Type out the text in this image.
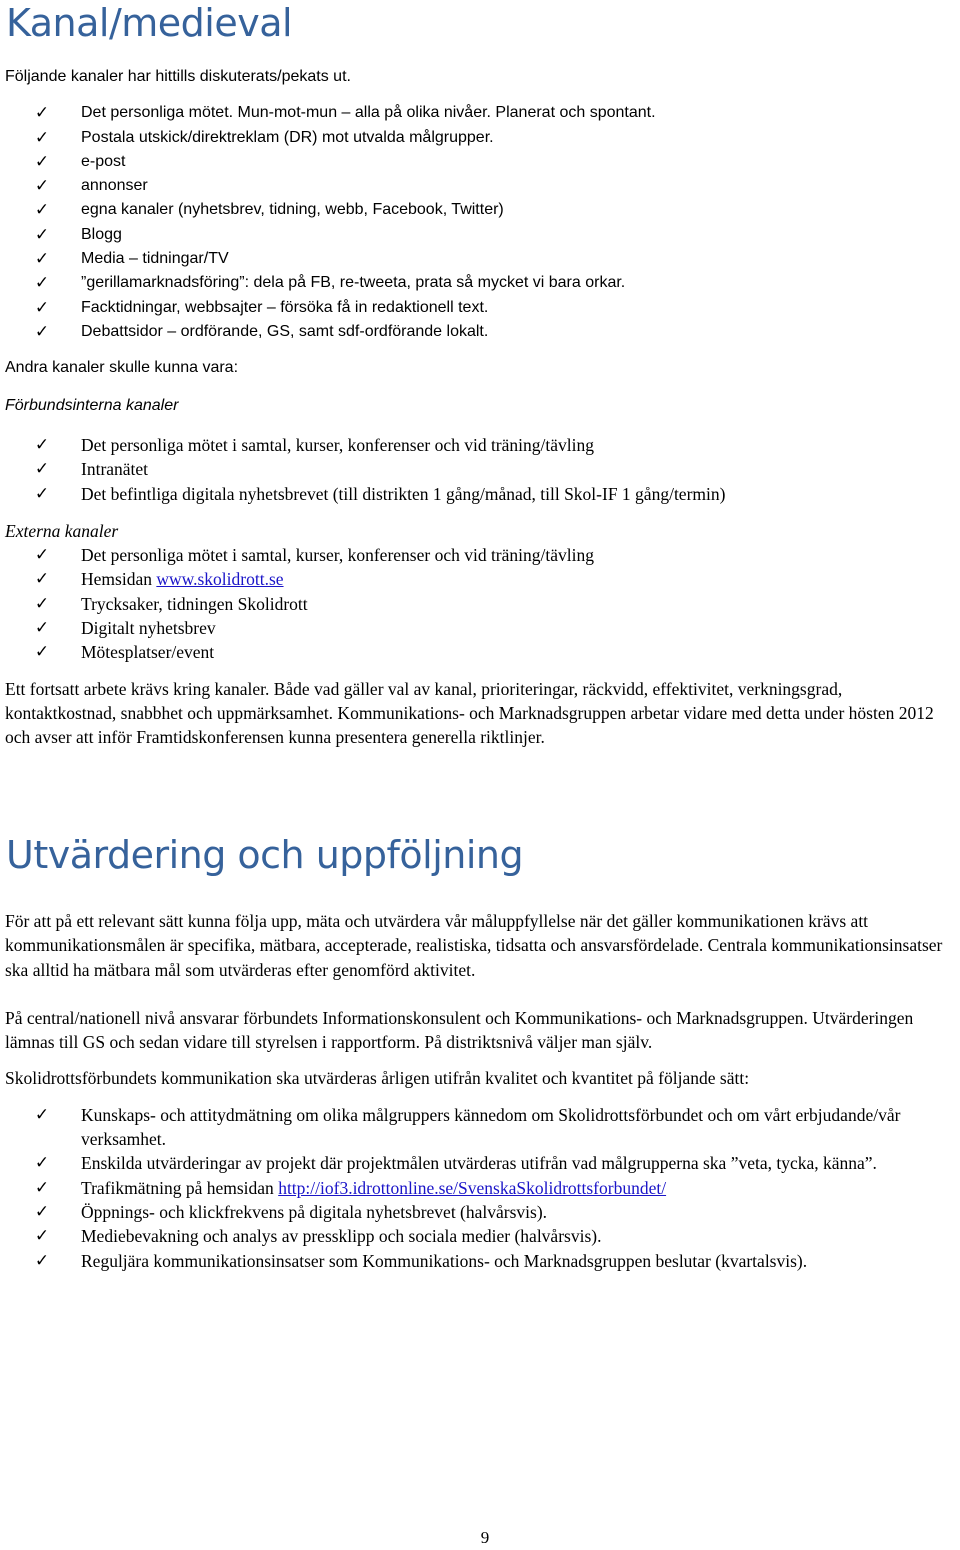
Kanal/medieval

Följande kanaler har hittills diskuterats/pekats ut.

✓ Det personliga mötet. Mun-mot-mun – alla på olika nivåer. Planerat och spontant.
✓ Postala utskick/direktreklam (DR) mot utvalda målgrupper.
✓ e-post
✓ annonser
✓ egna kanaler (nyhetsbrev, tidning, webb, Facebook, Twitter)
✓ Blogg
✓ Media – tidningar/TV
✓ ”gerillamarknadsföring”: dela på FB, re-tweeta, prata så mycket vi bara orkar.
✓ Facktidningar, webbsajter – försöka få in redaktionell text.
✓ Debattsidor – ordförande, GS, samt sdf-ordförande lokalt.

Andra kanaler skulle kunna vara:

Förbundsinterna kanaler

✓ Det personliga mötet i samtal, kurser, konferenser och vid träning/tävling
✓ Intranätet
✓ Det befintliga digitala nyhetsbrevet (till distrikten 1 gång/månad, till Skol-IF 1 gång/termin)

Externa kanaler

✓ Det personliga mötet i samtal, kurser, konferenser och vid träning/tävling
✓ Hemsidan www.skolidrott.se
✓ Trycksaker, tidningen Skolidrott
✓ Digitalt nyhetsbrev
✓ Mötesplatser/event

Ett fortsatt arbete krävs kring kanaler. Både vad gäller val av kanal, prioriteringar, räckvidd, effektivitet, verkningsgrad, kontaktkostnad, snabbhet och uppmärksamhet. Kommunikations- och Marknadsgruppen arbetar vidare med detta under hösten 2012 och avser att inför Framtidskonferensen kunna presentera generella riktlinjer.

Utvärdering och uppföljning

För att på ett relevant sätt kunna följa upp, mäta och utvärdera vår måluppfyllelse när det gäller kommunikationen krävs att kommunikationsmålen är specifika, mätbara, accepterade, realistiska, tidsatta och ansvarsfördelade. Centrala kommunikationsinsatser ska alltid ha mätbara mål som utvärderas efter genomförd aktivitet.

På central/nationell nivå ansvarar förbundets Informationskonsulent och Kommunikations- och Marknadsgruppen. Utvärderingen lämnas till GS och sedan vidare till styrelsen i rapportform. På distriktsnivå väljer man själv.

Skolidrottsförbundets kommunikation ska utvärderas årligen utifrån kvalitet och kvantitet på följande sätt:

✓ Kunskaps- och attitydmätning om olika målgruppers kännedom om Skolidrottsförbundet och om vårt erbjudande/vår verksamhet.
✓ Enskilda utvärderingar av projekt där projektmålen utvärderas utifrån vad målgrupperna ska ”veta, tycka, känna”.
✓ Trafikmätning på hemsidan http://iof3.idrottonline.se/SvenskaSkolidrottsforbundet/
✓ Öppnings- och klickfrekvens på digitala nyhetsbrevet (halvårsvis).
✓ Mediebevakning och analys av pressklipp och sociala medier (halvårsvis).
✓ Reguljära kommunikationsinsatser som Kommunikations- och Marknadsgruppen beslutar (kvartalsvis).
9
